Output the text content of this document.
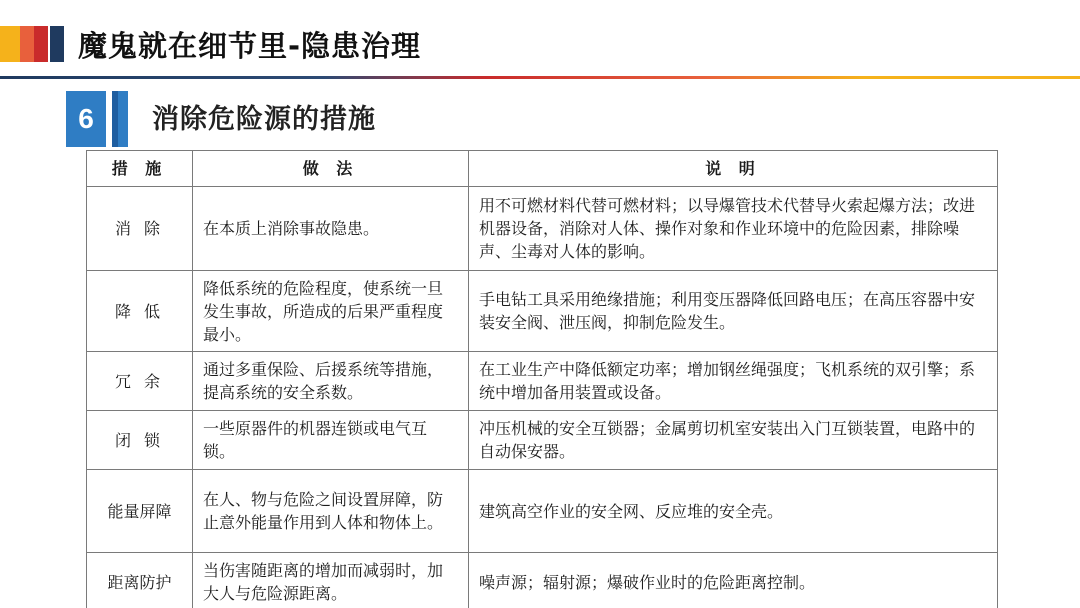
魔鬼就在细节里-隐患治理
6	消除危险源的措施
措 施	做 法	说 明
消 除	在本质上消除事故隐患。	用不可燃材料代替可燃材料；以导爆管技术代替导火索起爆方法；改进机器设备，消除对人体、操作对象和作业环境中的危险因素，排除噪声、尘毒对人体的影响。
降 低	降低系统的危险程度，使系统一旦发生事故，所造成的后果严重程度最小。	手电钻工具采用绝缘措施；利用变压器降低回路电压；在高压容器中安装安全阀、泄压阀，抑制危险发生。
冗 余	通过多重保险、后援系统等措施，提高系统的安全系数。	在工业生产中降低额定功率；增加钢丝绳强度；飞机系统的双引擎；系统中增加备用装置或设备。
闭 锁	一些原器件的机器连锁或电气互锁。	冲压机械的安全互锁器；金属剪切机室安装出入门互锁装置，电路中的自动保安器。
能量屏障	在人、物与危险之间设置屏障，防止意外能量作用到人体和物体上。	建筑高空作业的安全网、反应堆的安全壳。
距离防护	当伤害随距离的增加而减弱时，加大人与危险源距离。	噪声源；辐射源；爆破作业时的危险距离控制。
